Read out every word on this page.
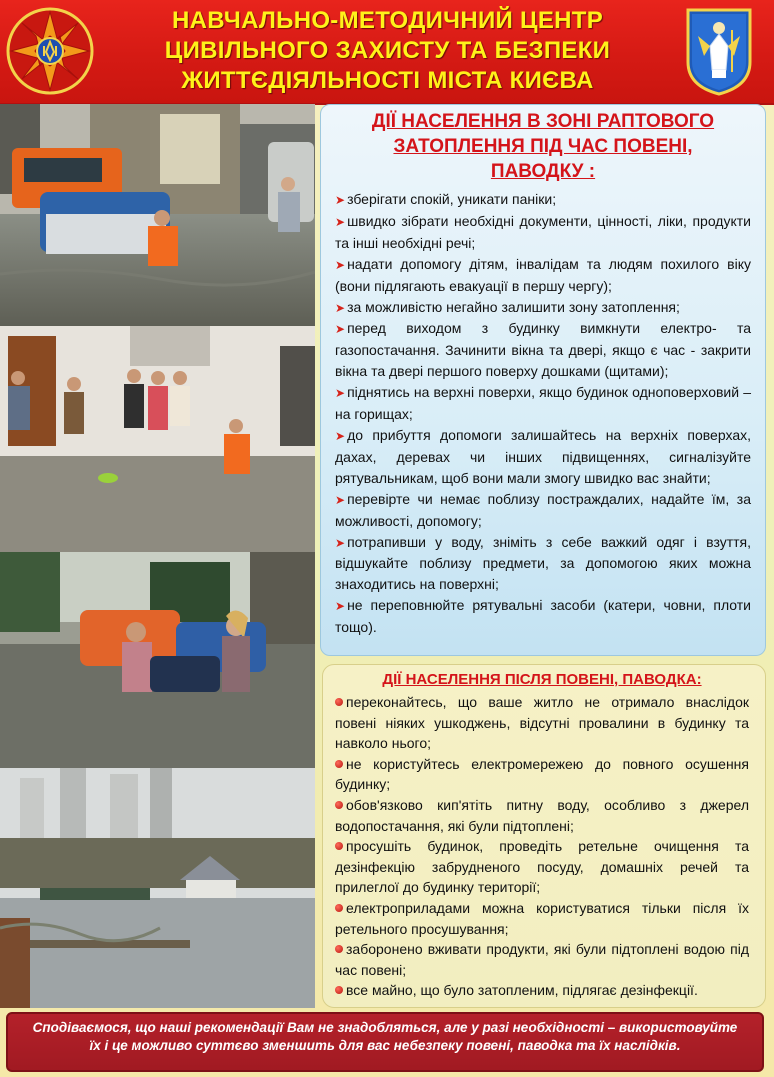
НАВЧАЛЬНО-МЕТОДИЧНИЙ ЦЕНТР
ЦИВІЛЬНОГО ЗАХИСТУ ТА БЕЗПЕКИ
ЖИТТЄДІЯЛЬНОСТІ МІСТА КИЄВА
ДІЇ НАСЕЛЕННЯ В ЗОНІ РАПТОВОГО
ЗАТОПЛЕННЯ ПІД ЧАС ПОВЕНІ,
ПАВОДКУ :
➤ зберігати спокій, уникати паніки;
➤ швидко зібрати необхідні документи, цінності, ліки, продукти та інші необхідні речі;
➤ надати допомогу дітям, інвалідам та людям похилого віку (вони підлягають евакуації в першу чергу);
➤ за можливістю негайно залишити зону затоплення;
➤ перед виходом з будинку вимкнути електро- та газопостачання. Зачинити вікна та двері, якщо є час - закрити вікна та двері першого поверху дошками (щитами);
➤ піднятись на верхні поверхи, якщо будинок одноповерховий – на горищах;
➤ до прибуття допомоги залишайтесь на верхніх поверхах, дахах, деревах чи інших підвищеннях, сигналізуйте рятувальникам, щоб вони мали змогу швидко вас знайти;
➤ перевірте чи немає поблизу постраждалих, надайте їм, за можливості, допомогу;
➤ потрапивши у воду, зніміть з себе важкий одяг і взуття, відшукайте поблизу предмети, за допомогою яких можна знаходитись на поверхні;
➤ не переповнюйте рятувальні засоби (катери, човни, плоти тощо).
ДІЇ НАСЕЛЕННЯ ПІСЛЯ ПОВЕНІ, ПАВОДКА:
переконайтесь, що ваше житло не отримало внаслідок повені ніяких ушкоджень, відсутні провалини в будинку та навколо нього;
не користуйтесь електромережею до повного осушення будинку;
обов'язково кип'ятіть питну воду, особливо з джерел водопостачання, які були підтоплені;
просушіть будинок, проведіть ретельне очищення та дезінфекцію забрудненого посуду, домашніх речей та прилеглої до будинку території;
електроприладами можна користуватися тільки після їх ретельного просушування;
заборонено вживати продукти, які були підтоплені водою під час повені;
все майно, що було затопленим, підлягає дезінфекції.
Сподіваємося, що наші рекомендації Вам не знадобляться, але у разі необхідності – використовуйте їх і це можливо суттєво зменшить для вас небезпеку повені, паводка та їх наслідків.
